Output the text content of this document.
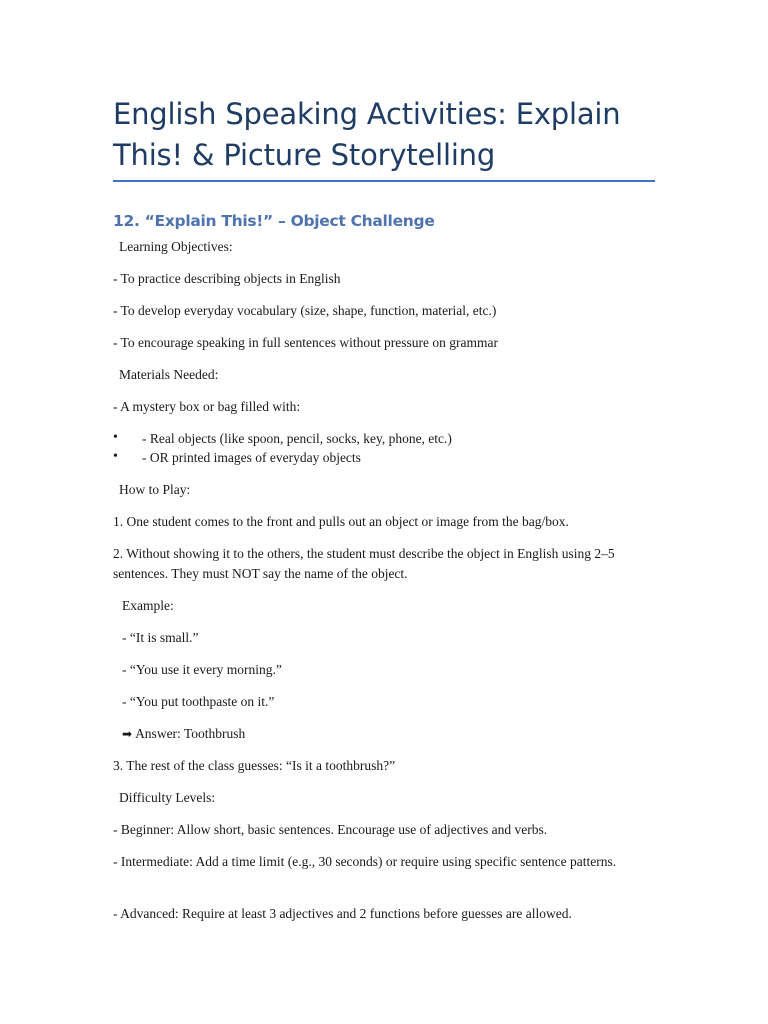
English Speaking Activities: Explain This! & Picture Storytelling
12. “Explain This!” – Object Challenge

Learning Objectives:

- To practice describing objects in English

- To develop everyday vocabulary (size, shape, function, material, etc.)

- To encourage speaking in full sentences without pressure on grammar

Materials Needed:

- A mystery box or bag filled with:

• - Real objects (like spoon, pencil, socks, key, phone, etc.)

• - OR printed images of everyday objects

How to Play:

1. One student comes to the front and pulls out an object or image from the bag/box.

2. Without showing it to the others, the student must describe the object in English using 2–5 sentences. They must NOT say the name of the object.

Example:

- “It is small.”

- “You use it every morning.”

- “You put toothpaste on it.”

➡ Answer: Toothbrush

3. The rest of the class guesses: “Is it a toothbrush?”

Difficulty Levels:

- Beginner: Allow short, basic sentences. Encourage use of adjectives and verbs.

- Intermediate: Add a time limit (e.g., 30 seconds) or require using specific sentence patterns.

- Advanced: Require at least 3 adjectives and 2 functions before guesses are allowed.
